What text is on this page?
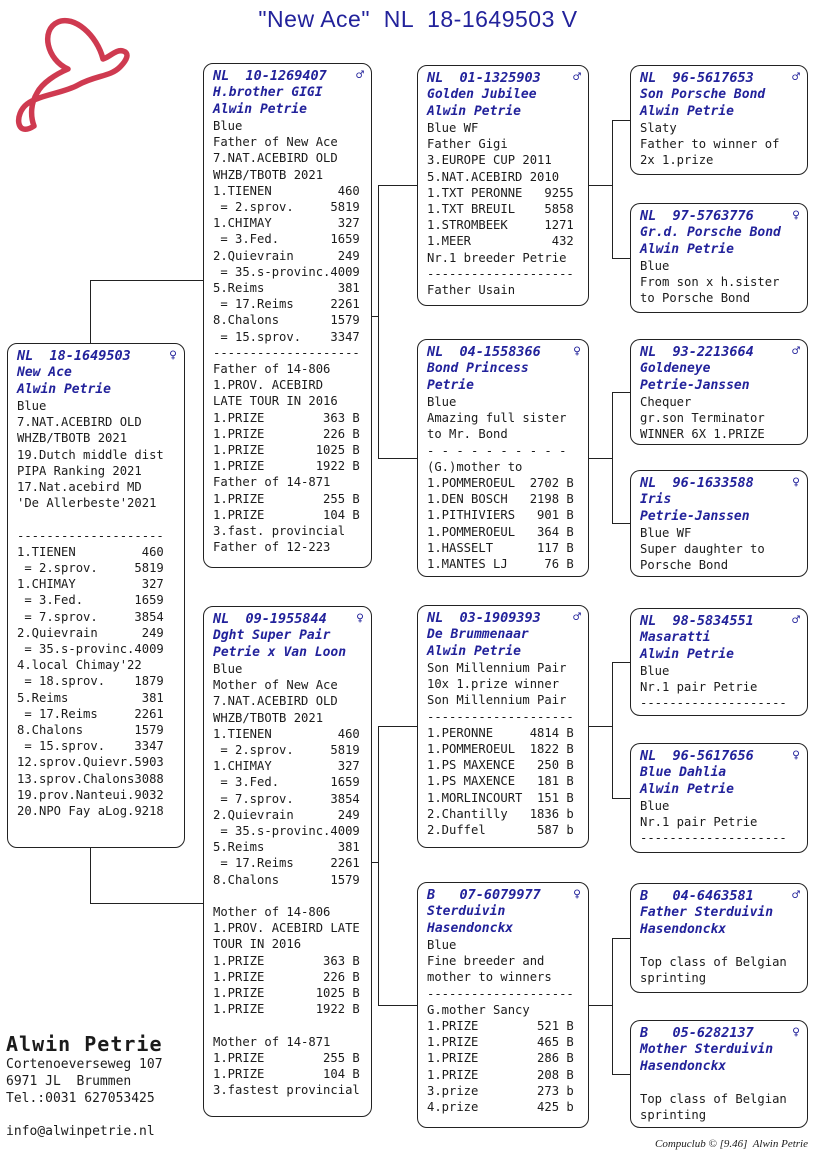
"New Ace"  NL  18-1649503 V
NL  18-1649503	♀
New Ace
Alwin Petrie
Blue
7.NAT.ACEBIRD OLD
WHZB/TBOTB 2021
19.Dutch middle dist
PIPA Ranking 2021
17.Nat.acebird MD
'De Allerbeste'2021
--------------------
1.TIENEN         460
= 2.sprov.     5819
1.CHIMAY         327
= 3.Fed.       1659
= 7.sprov.     3854
2.Quievrain      249
= 35.s-provinc.4009
4.local Chimay'22
= 18.sprov.    1879
5.Reims          381
= 17.Reims     2261
8.Chalons       1579
= 15.sprov.    3347
12.sprov.Quievr.5903
13.sprov.Chalons3088
19.prov.Nanteui.9032
20.NPO Fay aLog.9218
NL  10-1269407 ♂
H.brother GIGI
Alwin Petrie
Blue
Father of New Ace
7.NAT.ACEBIRD OLD
WHZB/TBOTB 2021
1.TIENEN         460
= 2.sprov.     5819
1.CHIMAY         327
= 3.Fed.       1659
2.Quievrain      249
= 35.s-provinc.4009
5.Reims          381
= 17.Reims     2261
8.Chalons       1579
= 15.sprov.    3347
--------------------
Father of 14-806
1.PROV. ACEBIRD
LATE TOUR IN 2016
1.PRIZE        363 B
1.PRIZE        226 B
1.PRIZE       1025 B
1.PRIZE       1922 B
Father of 14-871
1.PRIZE        255 B
1.PRIZE        104 B
3.fast. provincial
Father of 12-223
NL  09-1955844 ♀
Dght Super Pair
Petrie x Van Loon
Blue
Mother of New Ace
7.NAT.ACEBIRD OLD
WHZB/TBOTB 2021
1.TIENEN         460
= 2.sprov.     5819
1.CHIMAY         327
= 3.Fed.       1659
= 7.sprov.     3854
2.Quievrain      249
= 35.s-provinc.4009
5.Reims          381
= 17.Reims     2261
8.Chalons       1579
Mother of 14-806
1.PROV. ACEBIRD LATE
TOUR IN 2016
1.PRIZE        363 B
1.PRIZE        226 B
1.PRIZE       1025 B
1.PRIZE       1922 B
Mother of 14-871
1.PRIZE        255 B
1.PRIZE        104 B
3.fastest provincial
NL  01-1325903 ♂
Golden Jubilee
Alwin Petrie
Blue WF
Father Gigi
3.EUROPE CUP 2011
5.NAT.ACEBIRD 2010
1.TXT PERONNE   9255
1.TXT BREUIL    5858
1.STROMBEEK     1271
1.MEER           432
Nr.1 breeder Petrie
--------------------
Father Usain
NL  04-1558366 ♀
Bond Princess
Petrie
Blue
Amazing full sister
to Mr. Bond
- - - - - - - - - -
(G.)mother to
1.POMMEROEUL  2702 B
1.DEN BOSCH   2198 B
1.PITHIVIERS   901 B
1.POMMEROEUL   364 B
1.HASSELT      117 B
1.MANTES LJ     76 B
NL  03-1909393 ♂
De Brummenaar
Alwin Petrie
Son Millennium Pair
10x 1.prize winner
Son Millennium Pair
--------------------
1.PERONNE     4814 B
1.POMMEROEUL  1822 B
1.PS MAXENCE   250 B
1.PS MAXENCE   181 B
1.MORLINCOURT  151 B
2.Chantilly   1836 b
2.Duffel       587 b
B   07-6079977 ♀
Sterduivin
Hasendonckx
Blue
Fine breeder and
mother to winners
--------------------
G.mother Sancy
1.PRIZE        521 B
1.PRIZE        465 B
1.PRIZE        286 B
1.PRIZE        208 B
3.prize        273 b
4.prize        425 b
NL  96-5617653	♂
Son Porsche Bond
Alwin Petrie
Slaty
Father to winner of
2x 1.prize
NL  97-5763776	♀
Gr.d. Porsche Bond
Alwin Petrie
Blue
From son x h.sister
to Porsche Bond
NL  93-2213664	♂
Goldeneye
Petrie-Janssen
Chequer
gr.son Terminator
WINNER 6X 1.PRIZE
NL  96-1633588	♀
Iris
Petrie-Janssen
Blue WF
Super daughter to
Porsche Bond
NL  98-5834551	♂
Masaratti
Alwin Petrie
Blue
Nr.1 pair Petrie
--------------------
NL  96-5617656	♀
Blue Dahlia
Alwin Petrie
Blue
Nr.1 pair Petrie
--------------------
B   04-6463581	♂
Father Sterduivin
Hasendonckx
Top class of Belgian
sprinting
B   05-6282137	♀
Mother Sterduivin
Hasendonckx
Top class of Belgian
sprinting
Alwin Petrie
Cortenoeverseweg 107
6971 JL  Brummen
Tel.:0031 627053425
info@alwinpetrie.nl
Compuclub © [9.46]  Alwin Petrie
